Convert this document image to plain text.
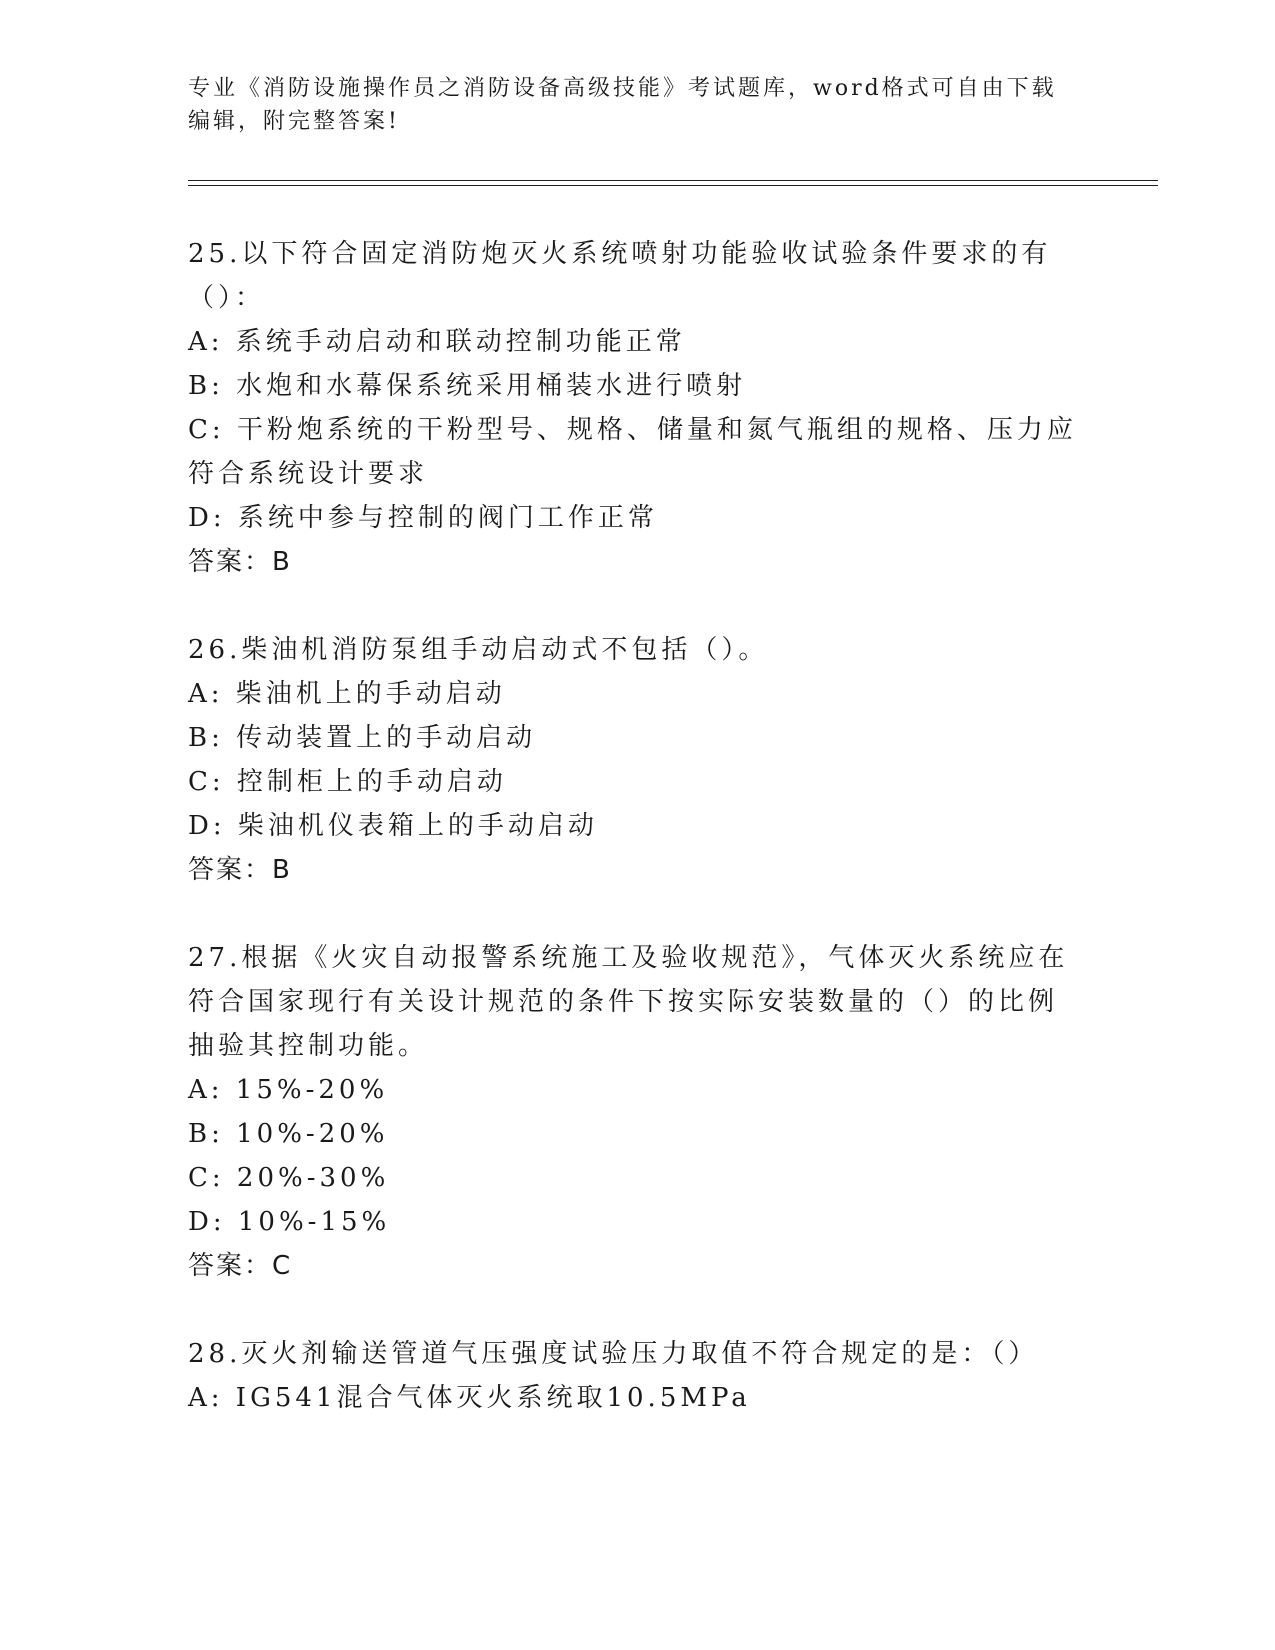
专业《消防设施操作员之消防设备高级技能》考试题库，word格式可自由下载编辑，附完整答案!
25.以下符合固定消防炮灭火系统喷射功能验收试验条件要求的有（）：
A: 系统手动启动和联动控制功能正常
B: 水炮和水幕保系统采用桶装水进行喷射
C: 干粉炮系统的干粉型号、规格、储量和氮气瓶组的规格、压力应符合系统设计要求
D: 系统中参与控制的阀门工作正常
答案：B
26.柴油机消防泵组手动启动式不包括（）。
A: 柴油机上的手动启动
B: 传动装置上的手动启动
C: 控制柜上的手动启动
D: 柴油机仪表箱上的手动启动
答案：B
27.根据《火灾自动报警系统施工及验收规范》，气体灭火系统应在符合国家现行有关设计规范的条件下按实际安装数量的（）的比例抽验其控制功能。
A: 15%-20%
B: 10%-20%
C: 20%-30%
D: 10%-15%
答案：C
28.灭火剂输送管道气压强度试验压力取值不符合规定的是：（）
A: IG541混合气体灭火系统取10.5MPa
